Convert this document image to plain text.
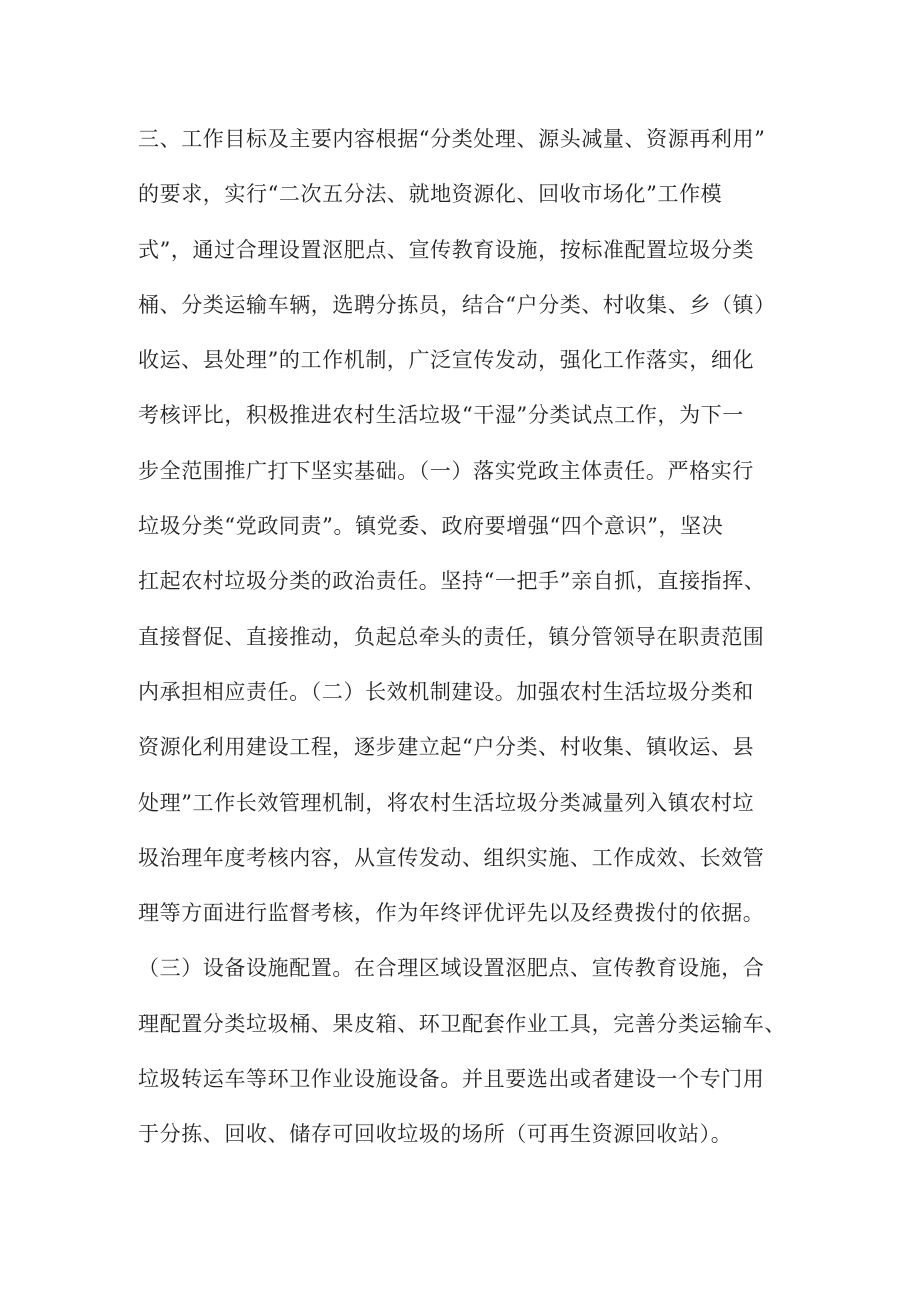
三、工作目标及主要内容根据“分类处理、源头减量、资源再利用”
的要求，实行“二次五分法、就地资源化、回收市场化”工作模
式”，通过合理设置沤肥点、宣传教育设施，按标准配置垃圾分类
桶、分类运输车辆，选聘分拣员，结合“户分类、村收集、乡（镇）
收运、县处理”的工作机制，广泛宣传发动，强化工作落实，细化
考核评比，积极推进农村生活垃圾“干湿”分类试点工作，为下一
步全范围推广打下坚实基础。（一）落实党政主体责任。严格实行
垃圾分类“党政同责”。镇党委、政府要增强“四个意识”，坚决
扛起农村垃圾分类的政治责任。坚持“一把手”亲自抓，直接指挥、
直接督促、直接推动，负起总牵头的责任，镇分管领导在职责范围
内承担相应责任。（二）长效机制建设。加强农村生活垃圾分类和
资源化利用建设工程，逐步建立起“户分类、村收集、镇收运、县
处理”工作长效管理机制，将农村生活垃圾分类减量列入镇农村垃
圾治理年度考核内容，从宣传发动、组织实施、工作成效、长效管
理等方面进行监督考核，作为年终评优评先以及经费拨付的依据。
（三）设备设施配置。在合理区域设置沤肥点、宣传教育设施，合
理配置分类垃圾桶、果皮箱、环卫配套作业工具，完善分类运输车、
垃圾转运车等环卫作业设施设备。并且要选出或者建设一个专门用
于分拣、回收、储存可回收垃圾的场所（可再生资源回收站）。
